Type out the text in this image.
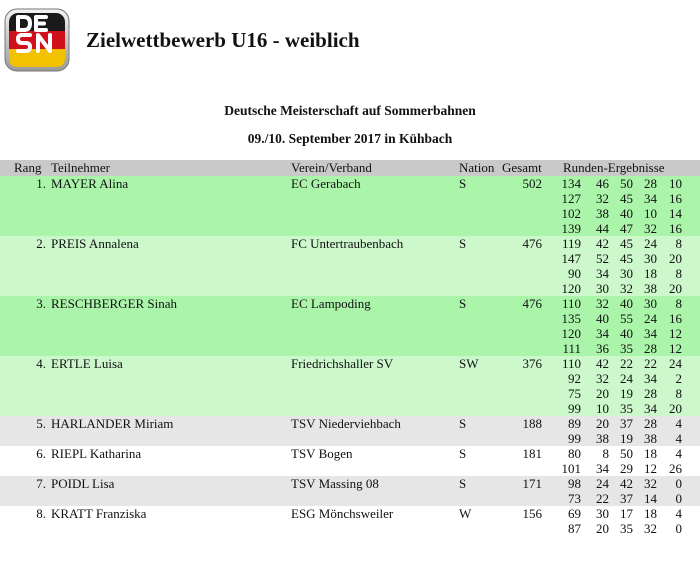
Zielwettbewerb U16 - weiblich
Deutsche Meisterschaft auf Sommerbahnen
09./10. September 2017 in Kühbach
Rang Teilnehmer	Verein/Verband	Nation Gesamt Runden-Ergebnisse
1. MAYER Alina	EC Gerabach	S	502	134	46 50 28 10
127	32 45 34 16
102	38 40 10 14
139	44 47 32 16
2. PREIS Annalena	FC Untertraubenbach	S	476	119	42 45 24	8
147	52 45 30 20
90	34 30 18	8
120	30 32 38 20
3. RESCHBERGER Sinah	EC Lampoding	S	476	110	32 40 30	8
135	40 55 24 16
120	34 40 34 12
111	36 35 28 12
4. ERTLE Luisa	Friedrichshaller SV	SW	376	110	42 22 22 24
92	32 24 34	2
75	20 19 28	8
99	10 35 34 20
5. HARLANDER Miriam	TSV Niederviehbach	S	188	89	20 37 28	4
99	38 19 38	4
6. RIEPL Katharina	TSV Bogen	S	181	80	8 50 18	4
101	34 29 12 26
7. POIDL Lisa	TSV Massing 08	S	171	98	24 42 32	0
73	22 37 14	0
8. KRATT Franziska	ESG Mönchsweiler	W	156	69	30 17 18	4
87	20 35 32	0
